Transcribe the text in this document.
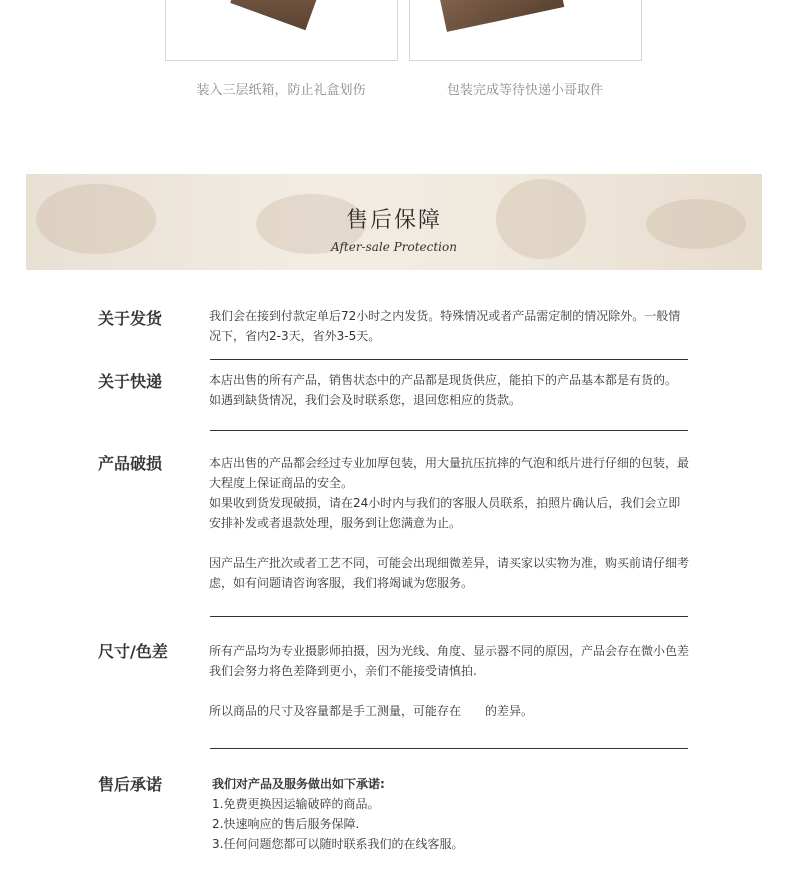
装入三层纸箱，防止礼盒划伤	包装完成等待快递小哥取件
售后保障
After-sale Protection
关于发货	我们会在接到付款定单后72小时之内发货。特殊情况或者产品需定制的情况除外。一般情况下，省内2-3天，省外3-5天。

关于快递	本店出售的所有产品，销售状态中的产品都是现货供应，能拍下的产品基本都是有货的。

如遇到缺货情况，我们会及时联系您，退回您相应的货款。

产品破损	本店出售的产品都会经过专业加厚包装，用大量抗压抗摔的气泡和纸片进行仔细的包装，最大程度上保证商品的安全。

如果收到货发现破损，请在24小时内与我们的客服人员联系，拍照片确认后，我们会立即安排补发或者退款处理，服务到让您满意为止。

因产品生产批次或者工艺不同，可能会出现细微差异，请买家以实物为准，购买前请仔细考虑，如有问题请咨询客服，我们将竭诚为您服务。

尺寸/色差	所有产品均为专业摄影师拍摄，因为光线、角度、显示器不同的原因，产品会存在微小色差

我们会努力将色差降到更小，亲们不能接受请慎拍.

所以商品的尺寸及容量都是手工测量，可能存在　　的差异。

售后承诺	我们对产品及服务做出如下承诺:

1.免费更换因运输破碎的商品。

2.快速响应的售后服务保障.

3.任何问题您都可以随时联系我们的在线客服。
